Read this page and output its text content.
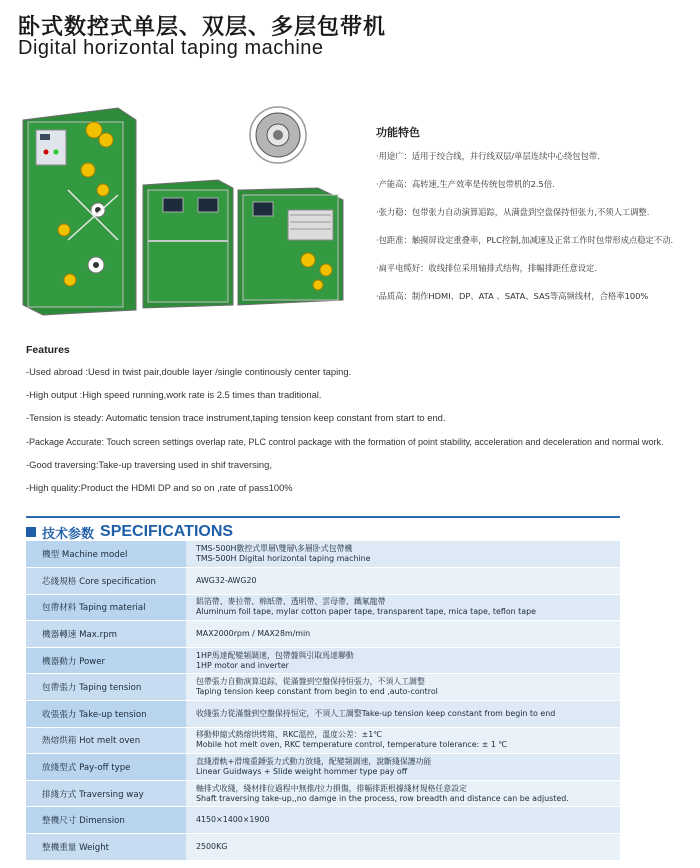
卧式数控式单层、双层、多层包带机
Digital horizontal taping machine
功能特色
·用途广：适用于绞合线，并行线双层/单层连续中心绕包包带.
·产能高：高转速,生产效率是传统包带机的2.5倍.
·张力稳：包带张力自动演算追踪，从满盘到空盘保持恒张力,不须人工调整.
·包距准：触摸屏设定重叠率，PLC控制,加减速及正常工作时包带形成点稳定不动.
·扁平电缆好：收线排位采用轴排式结构，排幅排距任意设定.
·品质高：制作HDMI、DP、ATA 、SATA、SAS等高频线材，合格率100%
Features
-Used abroad :Uesd in twist pair,double layer /single continously center taping.
-High output :High speed running,work rate is 2.5 times than traditional.
-Tension is steady: Automatic tension trace instrument,taping tension keep constant from start to end.
-Package Accurate: Touch screen settings overlap rate, PLC control package with the formation of point stability, acceleration and deceleration and normal work.
-Good traversing:Take-up traversing used in shif traversing,
-High quality:Product the HDMI DP and so on ,rate of pass100%
技术参数 SPECIFICATIONS
機型 Machine model	TMS-500H數控式單層\雙層\多層卧式包帶機
TMS-500H Digital horizontal taping machine

芯綫規格 Core specification	AWG32-AWG20

包帶材料 Taping material	鋁箔帶、麥拉帶、棉紙帶、透明帶、雲母帶、鐵氟龍帶
Aluminum foil tape, mylar cotton paper tape, transparent tape, mica tape, teflon tape

機器轉速 Max.rpm	MAX2000rpm / MAX28m/min

機器動力 Power	1HP馬達配變頻調速，包帶盤與引取馬達聯動
1HP motor and inverter

包帶張力 Taping tension	包帶張力自動演算追踪，從滿盤到空盤保持恒張力，不須人工調整
Taping tension keep constant from begin to end ,auto-control

收張張力 Take-up tension	收綫張力從滿盤到空盤保持恒定，不須人工調整Take-up tension keep constant from begin to end

熱熔烘箱 Hot melt oven	移動伸縮式熱熔烘烤箱，RKC溫控，溫度公差：±1℃
Mobile hot melt oven, RKC temperature control, temperature tolerance: ± 1 ℃

放綫型式 Pay-off type	直綫滑軌+滑塊重錘張力式動力放綫，配變頻調速，說斷綫保護功能
Linear Guidways + Slide weight hommer type pay off

排綫方式 Traversing way	軸排式收綫，綫材排位過程中無推/拉力損傷，排幅排距根據綫材規格任意設定
Shaft traversing take-up,,no damge in the process, row breadth and distance can be adjusted.

整機尺寸 Dimension	4150×1400×1900

整機重量 Weight	2500KG
